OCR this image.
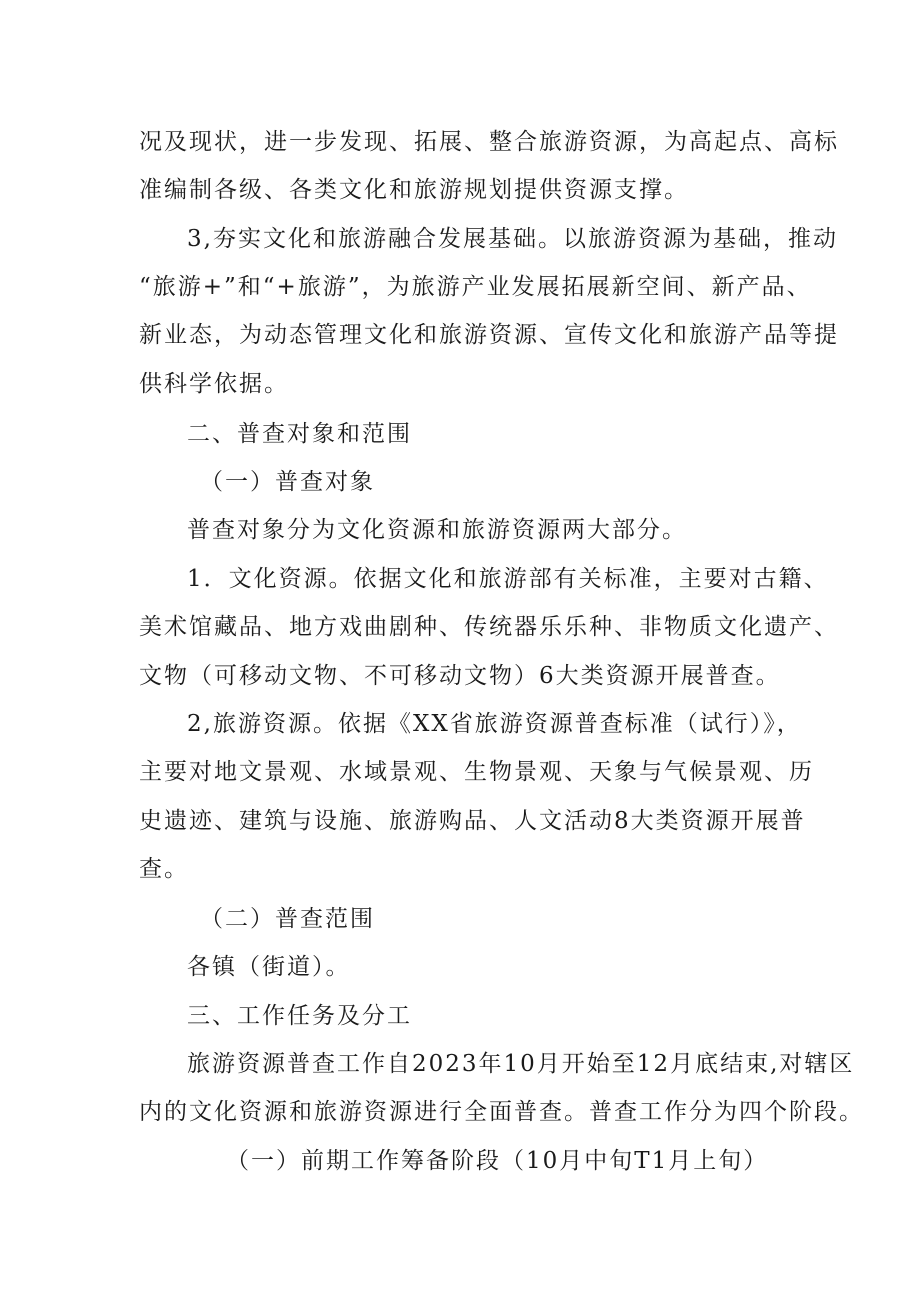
况及现状，进一步发现、拓展、整合旅游资源，为高起点、高标
准编制各级、各类文化和旅游规划提供资源支撑。
3,夯实文化和旅游融合发展基础。以旅游资源为基础，推动
“旅游+”和“+旅游”，为旅游产业发展拓展新空间、新产品、
新业态，为动态管理文化和旅游资源、宣传文化和旅游产品等提
供科学依据。
二、普查对象和范围
（一）普查对象
普查对象分为文化资源和旅游资源两大部分。
1．文化资源。依据文化和旅游部有关标准，主要对古籍、
美术馆藏品、地方戏曲剧种、传统器乐乐种、非物质文化遗产、
文物（可移动文物、不可移动文物）6大类资源开展普查。
2,旅游资源。依据《XX省旅游资源普查标准（试行）》，
主要对地文景观、水域景观、生物景观、天象与气候景观、历
史遗迹、建筑与设施、旅游购品、人文活动8大类资源开展普
查。
（二）普查范围
各镇（街道）。
三、工作任务及分工
旅游资源普查工作自2023年10月开始至12月底结束,对辖区
内的文化资源和旅游资源进行全面普查。普查工作分为四个阶段。
（一）前期工作筹备阶段（10月中旬T1月上旬）
